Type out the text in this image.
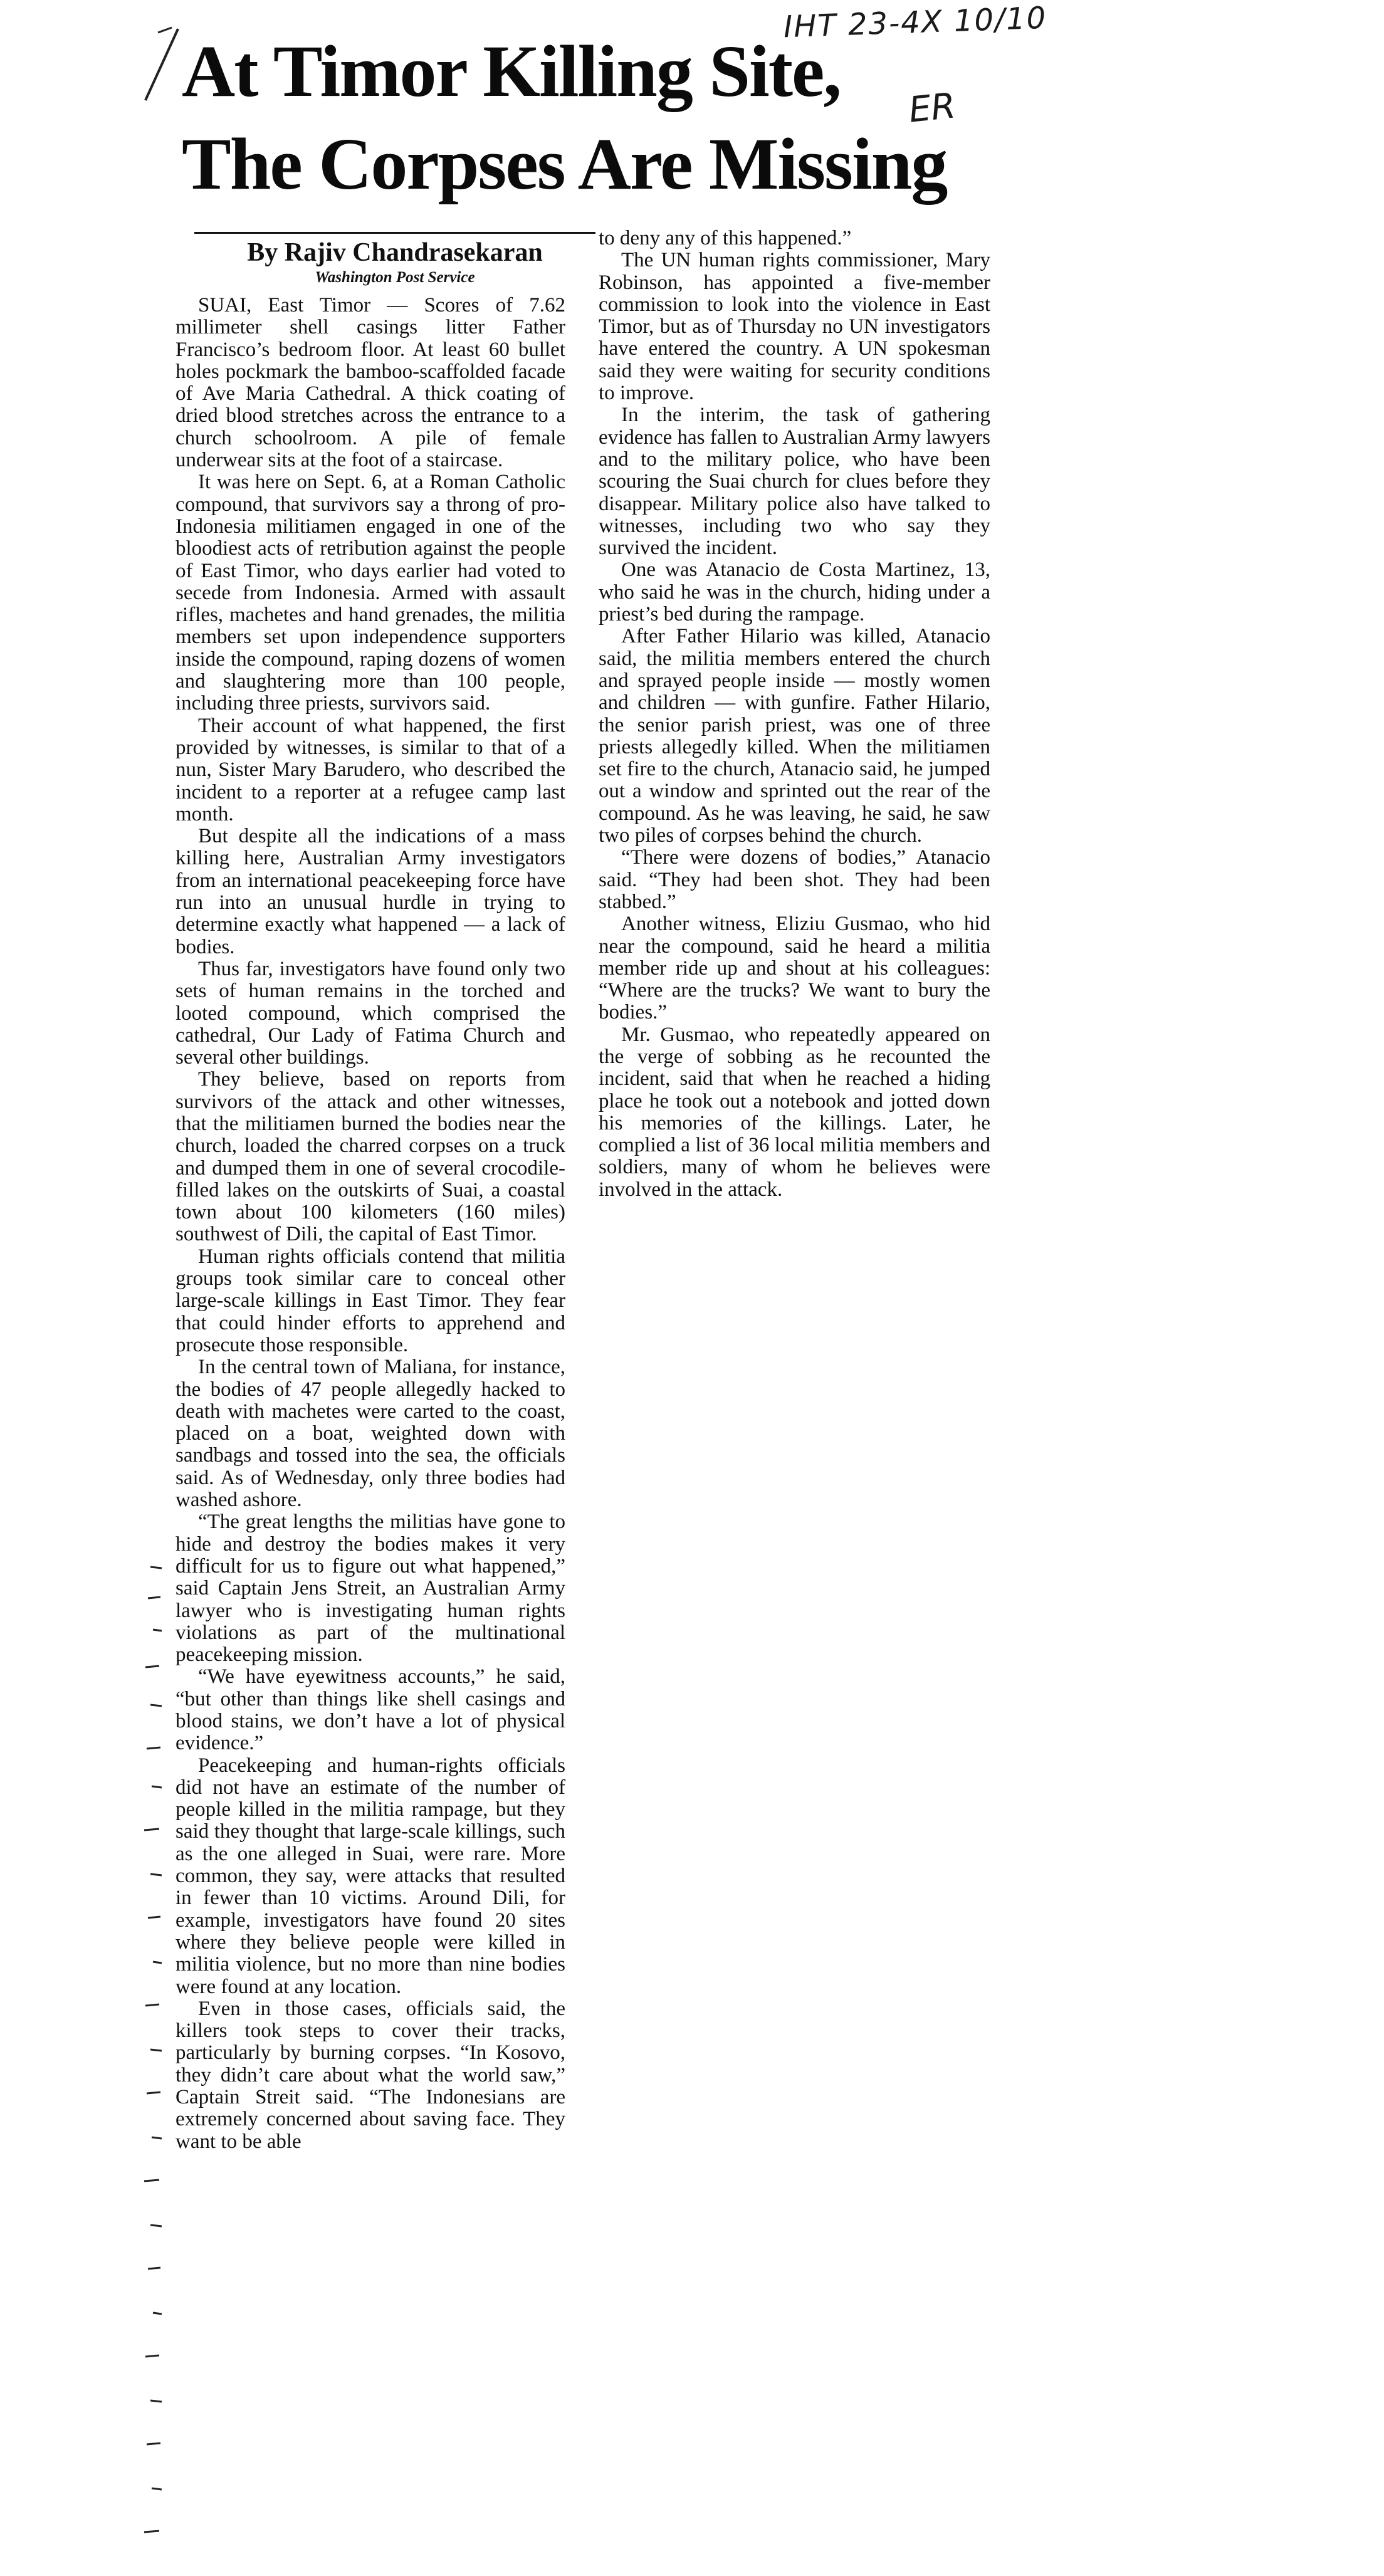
IHT 23-4X 10/10
ER
At Timor Killing Site,
The Corpses Are Missing
By Rajiv Chandrasekaran
Washington Post Service

SUAI, East Timor — Scores of 7.62 millimeter shell casings litter Father Francisco’s bedroom floor. At least 60 bullet holes pockmark the bamboo-scaffolded facade of Ave Maria Cathedral. A thick coating of dried blood stretches across the entrance to a church schoolroom. A pile of female underwear sits at the foot of a staircase.

It was here on Sept. 6, at a Roman Catholic compound, that survivors say a throng of pro-Indonesia militiamen engaged in one of the bloodiest acts of retribution against the people of East Timor, who days earlier had voted to secede from Indonesia. Armed with assault rifles, machetes and hand grenades, the militia members set upon independence supporters inside the compound, raping dozens of women and slaughtering more than 100 people, including three priests, survivors said.

Their account of what happened, the first provided by witnesses, is similar to that of a nun, Sister Mary Barudero, who described the incident to a reporter at a refugee camp last month.

But despite all the indications of a mass killing here, Australian Army investigators from an international peacekeeping force have run into an unusual hurdle in trying to determine exactly what happened — a lack of bodies.

Thus far, investigators have found only two sets of human remains in the torched and looted compound, which comprised the cathedral, Our Lady of Fatima Church and several other buildings.

They believe, based on reports from survivors of the attack and other witnesses, that the militiamen burned the bodies near the church, loaded the charred corpses on a truck and dumped them in one of several crocodile-filled lakes on the outskirts of Suai, a coastal town about 100 kilometers (160 miles) southwest of Dili, the capital of East Timor.

Human rights officials contend that militia groups took similar care to conceal other large-scale killings in East Timor. They fear that could hinder efforts to apprehend and prosecute those responsible.

In the central town of Maliana, for instance, the bodies of 47 people allegedly hacked to death with machetes were carted to the coast, placed on a boat, weighted down with sandbags and tossed into the sea, the officials said. As of Wednesday, only three bodies had washed ashore.

“The great lengths the militias have gone to hide and destroy the bodies makes it very difficult for us to figure out what happened,” said Captain Jens Streit, an Australian Army lawyer who is investigating human rights violations as part of the multinational peacekeeping mission.

“We have eyewitness accounts,” he said, “but other than things like shell casings and blood stains, we don’t have a lot of physical evidence.”

Peacekeeping and human-rights officials did not have an estimate of the number of people killed in the militia rampage, but they said they thought that large-scale killings, such as the one alleged in Suai, were rare. More common, they say, were attacks that resulted in fewer than 10 victims. Around Dili, for example, investigators have found 20 sites where they believe people were killed in militia violence, but no more than nine bodies were found at any location.

Even in those cases, officials said, the killers took steps to cover their tracks, particularly by burning corpses. “In Kosovo, they didn’t care about what the world saw,” Captain Streit said. “The Indonesians are extremely concerned about saving face. They want to be able

to deny any of this happened.”

The UN human rights commissioner, Mary Robinson, has appointed a five-member commission to look into the violence in East Timor, but as of Thursday no UN investigators have entered the country. A UN spokesman said they were waiting for security conditions to improve.

In the interim, the task of gathering evidence has fallen to Australian Army lawyers and to the military police, who have been scouring the Suai church for clues before they disappear. Military police also have talked to witnesses, including two who say they survived the incident.

One was Atanacio de Costa Martinez, 13, who said he was in the church, hiding under a priest’s bed during the rampage.

After Father Hilario was killed, Atanacio said, the militia members entered the church and sprayed people inside — mostly women and children — with gunfire. Father Hilario, the senior parish priest, was one of three priests allegedly killed. When the militiamen set fire to the church, Atanacio said, he jumped out a window and sprinted out the rear of the compound. As he was leaving, he said, he saw two piles of corpses behind the church.

“There were dozens of bodies,” Atanacio said. “They had been shot. They had been stabbed.”

Another witness, Eliziu Gusmao, who hid near the compound, said he heard a militia member ride up and shout at his colleagues: “Where are the trucks? We want to bury the bodies.”

Mr. Gusmao, who repeatedly appeared on the verge of sobbing as he recounted the incident, said that when he reached a hiding place he took out a notebook and jotted down his memories of the killings. Later, he complied a list of 36 local militia members and soldiers, many of whom he believes were involved in the attack.
